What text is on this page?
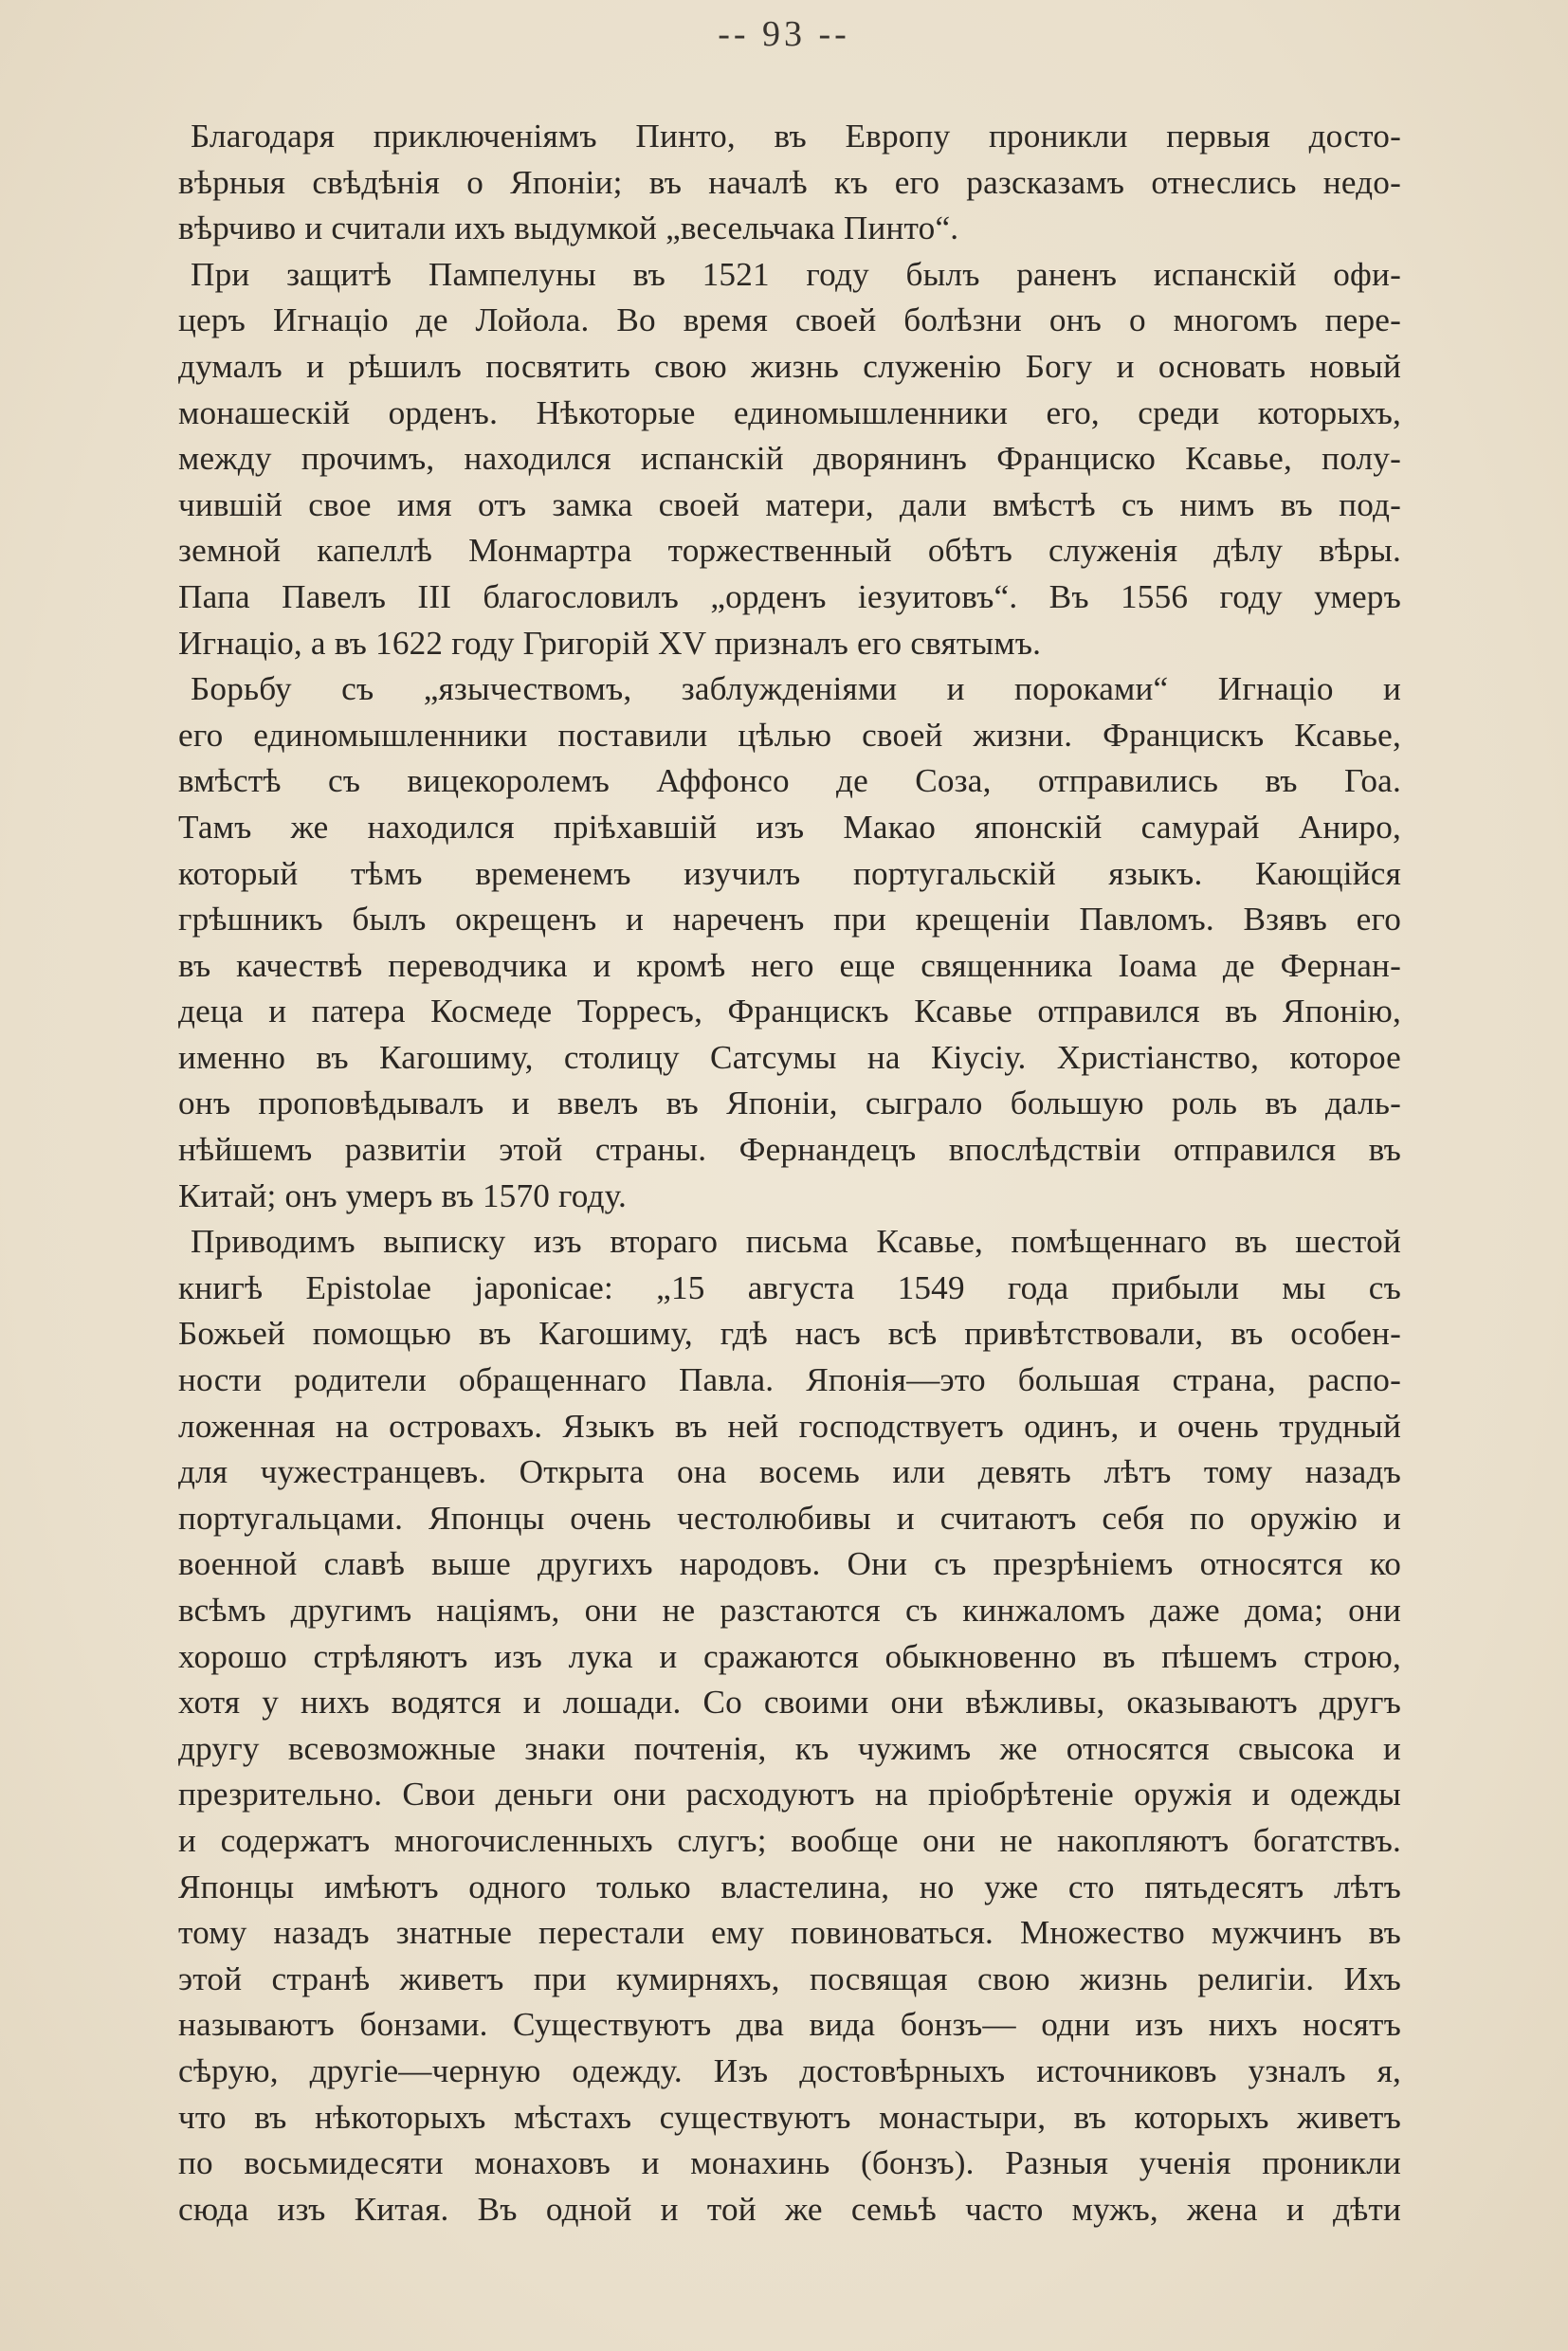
-- 93 --
Благодаря приключеніямъ Пинто, въ Европу проникли первыя досто-
вѣрныя свѣдѣнія о Японіи; въ началѣ къ его разсказамъ отнеслись недо-
вѣрчиво и считали ихъ выдумкой „весельчака Пинто“.
При защитѣ Пампелуны въ 1521 году былъ раненъ испанскій офи-
церъ Игнаціо де Лойола. Во время своей болѣзни онъ о многомъ пере-
думалъ и рѣшилъ посвятить свою жизнь служенію Богу и основать новый
монашескій орденъ. Нѣкоторые единомышленники его, среди которыхъ,
между прочимъ, находился испанскій дворянинъ Франциско Ксавье, полу-
чившій свое имя отъ замка своей матери, дали вмѣстѣ съ нимъ въ под-
земной капеллѣ Монмартра торжественный обѣтъ служенія дѣлу вѣры.
Папа Павелъ III благословилъ „орденъ іезуитовъ“. Въ 1556 году умеръ
Игнаціо, а въ 1622 году Григорій XV призналъ его святымъ.
Борьбу съ „язычествомъ, заблужденіями и пороками“ Игнаціо и
его единомышленники поставили цѣлью своей жизни. Францискъ Ксавье,
вмѣстѣ съ вицекоролемъ Аффонсо де Соза, отправились въ Гоа.
Тамъ же находился пріѣхавшій изъ Макао японскій самурай Аниро,
который тѣмъ временемъ изучилъ португальскій языкъ. Кающійся
грѣшникъ былъ окрещенъ и нареченъ при крещеніи Павломъ. Взявъ его
въ качествѣ переводчика и кромѣ него еще священника Іоама де Фернан-
деца и патера Космеде Торресъ, Францискъ Ксавье отправился въ Японію,
именно въ Кагошиму, столицу Сатсумы на Кіусіу. Христіанство, которое
онъ проповѣдывалъ и ввелъ въ Японіи, сыграло большую роль въ даль-
нѣйшемъ развитіи этой страны. Фернандецъ впослѣдствіи отправился въ
Китай; онъ умеръ въ 1570 году.
Приводимъ выписку изъ втораго письма Ксавье, помѣщеннаго въ шестой
книгѣ Epistolae japonicae: „15 августа 1549 года прибыли мы съ
Божьей помощью въ Кагошиму, гдѣ насъ всѣ привѣтствовали, въ особен-
ности родители обращеннаго Павла. Японія—это большая страна, распо-
ложенная на островахъ. Языкъ въ ней господствуетъ одинъ, и очень трудный
для чужестранцевъ. Открыта она восемь или девять лѣтъ тому назадъ
португальцами. Японцы очень честолюбивы и считаютъ себя по оружію и
военной славѣ выше другихъ народовъ. Они съ презрѣніемъ относятся ко
всѣмъ другимъ націямъ, они не разстаются съ кинжаломъ даже дома; они
хорошо стрѣляютъ изъ лука и сражаются обыкновенно въ пѣшемъ строю,
хотя у нихъ водятся и лошади. Со своими они вѣжливы, оказываютъ другъ
другу всевозможные знаки почтенія, къ чужимъ же относятся свысока и
презрительно. Свои деньги они расходуютъ на пріобрѣтеніе оружія и одежды
и содержатъ многочисленныхъ слугъ; вообще они не накопляютъ богатствъ.
Японцы имѣютъ одного только властелина, но уже сто пятьдесятъ лѣтъ
тому назадъ знатные перестали ему повиноваться. Множество мужчинъ въ
этой странѣ живетъ при кумирняхъ, посвящая свою жизнь религіи. Ихъ
называютъ бонзами. Существуютъ два вида бонзъ— одни изъ нихъ носятъ
сѣрую, другіе—черную одежду. Изъ достовѣрныхъ источниковъ узналъ я,
что въ нѣкоторыхъ мѣстахъ существуютъ монастыри, въ которыхъ живетъ
по восьмидесяти монаховъ и монахинь (бонзъ). Разныя ученія проникли
сюда изъ Китая. Въ одной и той же семьѣ часто мужъ, жена и дѣти
